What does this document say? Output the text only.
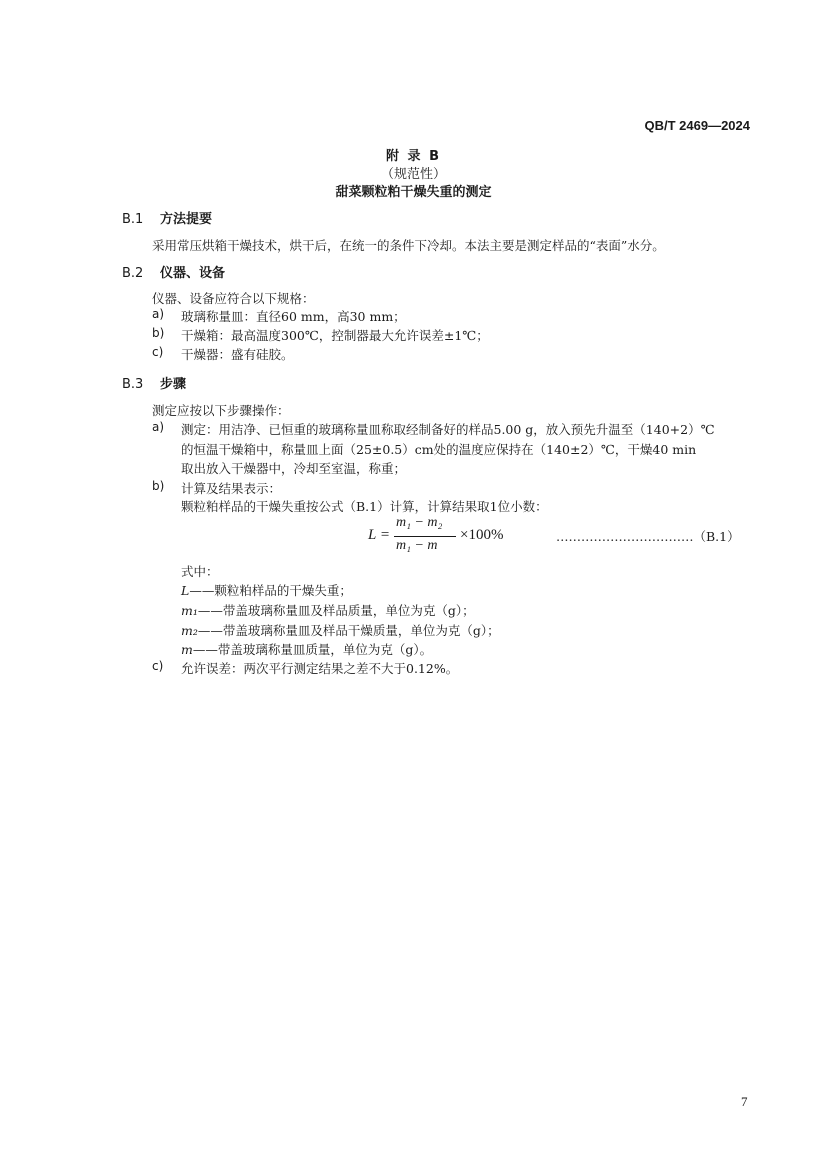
QB/T 2469—2024
附 录 B
（规范性）
甜菜颗粒粕干燥失重的测定
B.1 方法提要
采用常压烘箱干燥技术，烘干后，在统一的条件下冷却。本法主要是测定样品的“表面”水分。
B.2 仪器、设备
仪器、设备应符合以下规格：
a) 玻璃称量皿：直径60 mm，高30 mm；
b) 干燥箱：最高温度300℃，控制器最大允许误差±1℃；
c) 干燥器：盛有硅胶。
B.3 步骤
测定应按以下步骤操作：
a) 测定：用洁净、已恒重的玻璃称量皿称取经制备好的样品5.00 g，放入预先升温至（140+2）℃
的恒温干燥箱中，称量皿上面（25±0.5）cm处的温度应保持在（140±2）℃，干燥40 min
取出放入干燥器中，冷却至室温，称重；
b) 计算及结果表示：
颗粒粕样品的干燥失重按公式（B.1）计算，计算结果取1位小数：
L =
m₁ − m₂
m₁ − m
×100%	……………………………（B.1）
式中：
L——颗粒粕样品的干燥失重；
m₁——带盖玻璃称量皿及样品质量，单位为克（g）；
m₂——带盖玻璃称量皿及样品干燥质量，单位为克（g）；
m——带盖玻璃称量皿质量，单位为克（g）。
c) 允许误差：两次平行测定结果之差不大于0.12%。
7
